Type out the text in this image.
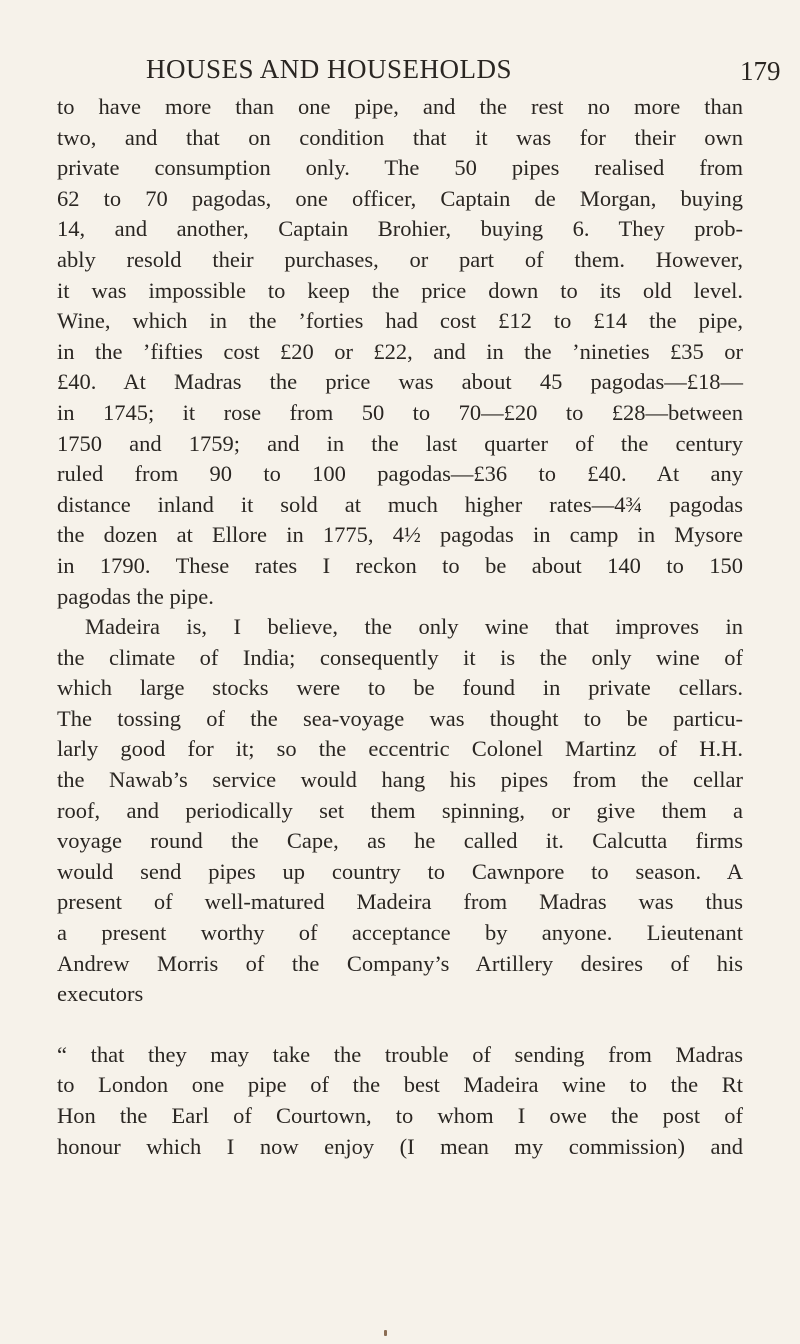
HOUSES AND HOUSEHOLDS	179
to have more than one pipe, and the rest no more than
two, and that on condition that it was for their own
private consumption only. The 50 pipes realised from
62 to 70 pagodas, one officer, Captain de Morgan, buying
14, and another, Captain Brohier, buying 6. They prob-
ably resold their purchases, or part of them. However,
it was impossible to keep the price down to its old level.
Wine, which in the ’forties had cost £12 to £14 the pipe,
in the ’fifties cost £20 or £22, and in the ’nineties £35 or
£40. At Madras the price was about 45 pagodas—£18—
in 1745; it rose from 50 to 70—£20 to £28—between
1750 and 1759; and in the last quarter of the century
ruled from 90 to 100 pagodas—£36 to £40. At any
distance inland it sold at much higher rates—4¾ pagodas
the dozen at Ellore in 1775, 4½ pagodas in camp in Mysore
in 1790. These rates I reckon to be about 140 to 150
pagodas the pipe.
Madeira is, I believe, the only wine that improves in
the climate of India; consequently it is the only wine of
which large stocks were to be found in private cellars.
The tossing of the sea-voyage was thought to be particu-
larly good for it; so the eccentric Colonel Martinz of H.H.
the Nawab’s service would hang his pipes from the cellar
roof, and periodically set them spinning, or give them a
voyage round the Cape, as he called it. Calcutta firms
would send pipes up country to Cawnpore to season. A
present of well-matured Madeira from Madras was thus
a present worthy of acceptance by anyone. Lieutenant
Andrew Morris of the Company’s Artillery desires of his
executors
“ that they may take the trouble of sending from Madras
to London one pipe of the best Madeira wine to the Rt
Hon the Earl of Courtown, to whom I owe the post of
honour which I now enjoy (I mean my commission) and
